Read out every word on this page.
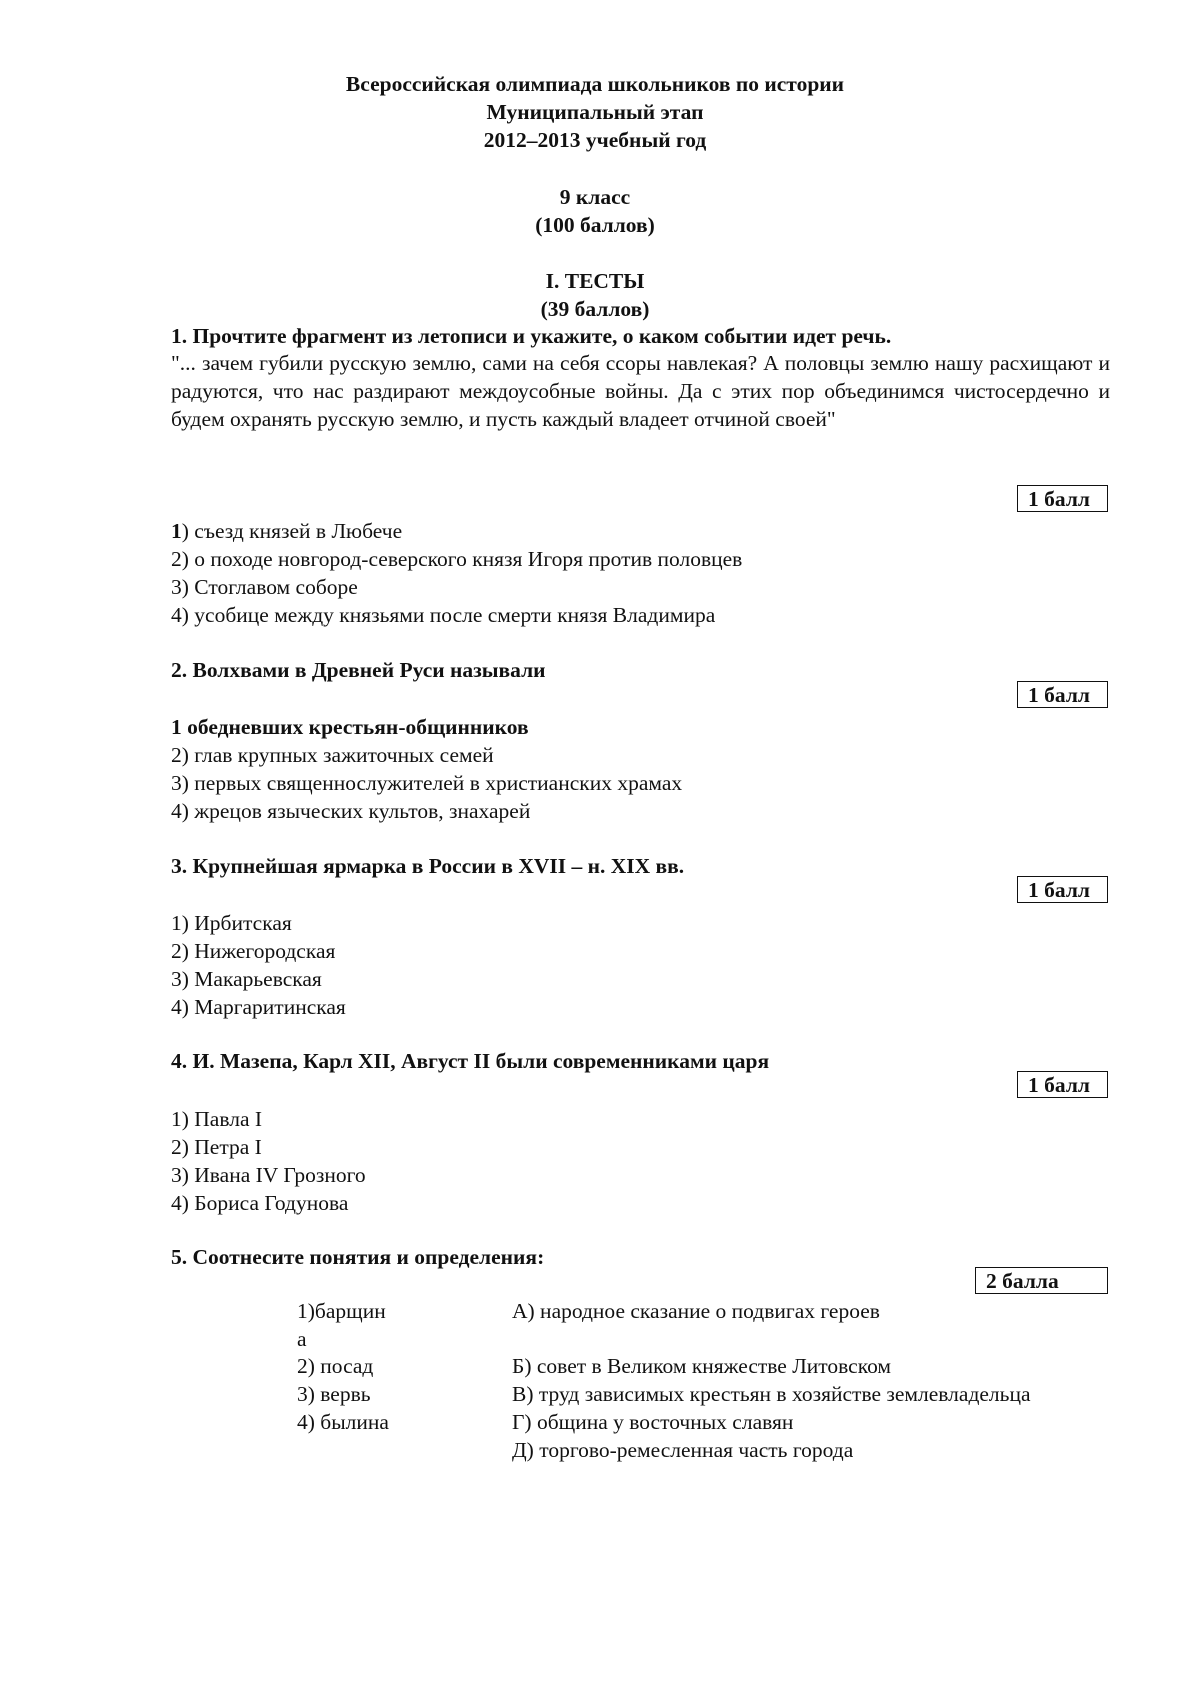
Всероссийская олимпиада школьников по истории
Муниципальный этап
2012–2013 учебный год
9 класс
(100 баллов)
I. ТЕСТЫ
(39 баллов)
1. Прочтите фрагмент из летописи и укажите, о каком событии идет речь.
"... зачем губили русскую землю, сами на себя ссоры навлекая? А половцы землю нашу расхищают и радуются, что нас раздирают междоусобные войны. Да с этих пор объединимся чистосердечно и будем охранять русскую землю, и пусть каждый владеет отчиной своей"
1 балл
1) съезд князей в Любече
2) о походе новгород-северского князя Игоря против половцев
3) Стоглавом соборе
4) усобице между князьями после смерти князя Владимира
2. Волхвами в Древней Руси называли
1 балл
1 обедневших крестьян-общинников
2) глав крупных зажиточных семей
3) первых священнослужителей в христианских храмах
4) жрецов языческих культов, знахарей
3. Крупнейшая ярмарка в России в XVII – н. XIX вв.
1 балл
1) Ирбитская
2) Нижегородская
3) Макарьевская
4) Маргаритинская
4. И. Мазепа, Карл XII, Август II были современниками царя
1 балл
1) Павла I
2) Петра I
3) Ивана IV Грозного
4) Бориса Годунова
5. Соотнесите понятия и определения:
2 балла
1)барщин
а
2) посад
3) вервь
4) былина
А) народное сказание о подвигах героев
Б) совет в Великом княжестве Литовском
В) труд зависимых крестьян в хозяйстве землевладельца
Г) община у восточных славян
Д) торгово-ремесленная часть города
